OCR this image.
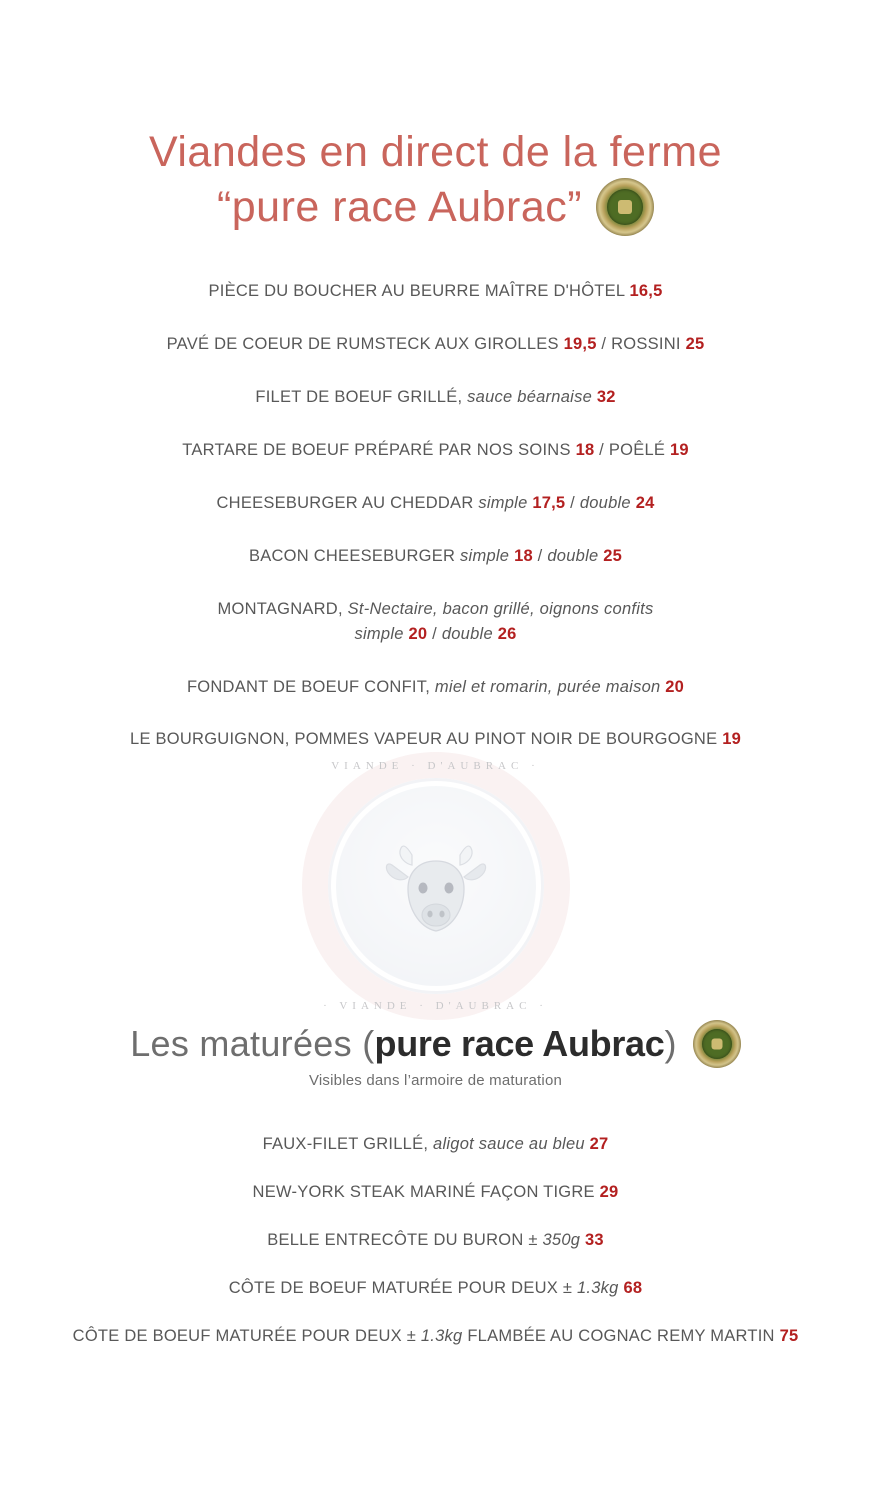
Viandes en direct de la ferme
“pure race Aubrac”
PIÈCE DU BOUCHER AU BEURRE MAÎTRE D'HÔTEL 16,5
PAVÉ DE COEUR DE RUMSTECK AUX GIROLLES 19,5 / ROSSINI 25
FILET DE BOEUF GRILLÉ, sauce béarnaise 32
TARTARE DE BOEUF PRÉPARÉ PAR NOS SOINS 18 / POÊLÉ 19
CHEESEBURGER AU CHEDDAR simple 17,5 / double 24
BACON CHEESEBURGER simple 18 / double 25
MONTAGNARD, St-Nectaire, bacon grillé, oignons confits
simple 20 / double 26
FONDANT DE BOEUF CONFIT, miel et romarin, purée maison 20
LE BOURGUIGNON, POMMES VAPEUR AU PINOT NOIR DE BOURGOGNE 19
VIANDE · D'AUBRAC ·
· VIANDE · D'AUBRAC ·
Les maturées (pure race Aubrac)
Visibles dans l’armoire de maturation
FAUX-FILET GRILLÉ, aligot sauce au bleu 27
NEW-YORK STEAK MARINÉ FAÇON TIGRE 29
BELLE ENTRECÔTE DU BURON ± 350g 33
CÔTE DE BOEUF MATURÉE POUR DEUX ± 1.3kg 68
CÔTE DE BOEUF MATURÉE POUR DEUX ± 1.3kg FLAMBÉE AU COGNAC REMY MARTIN 75
